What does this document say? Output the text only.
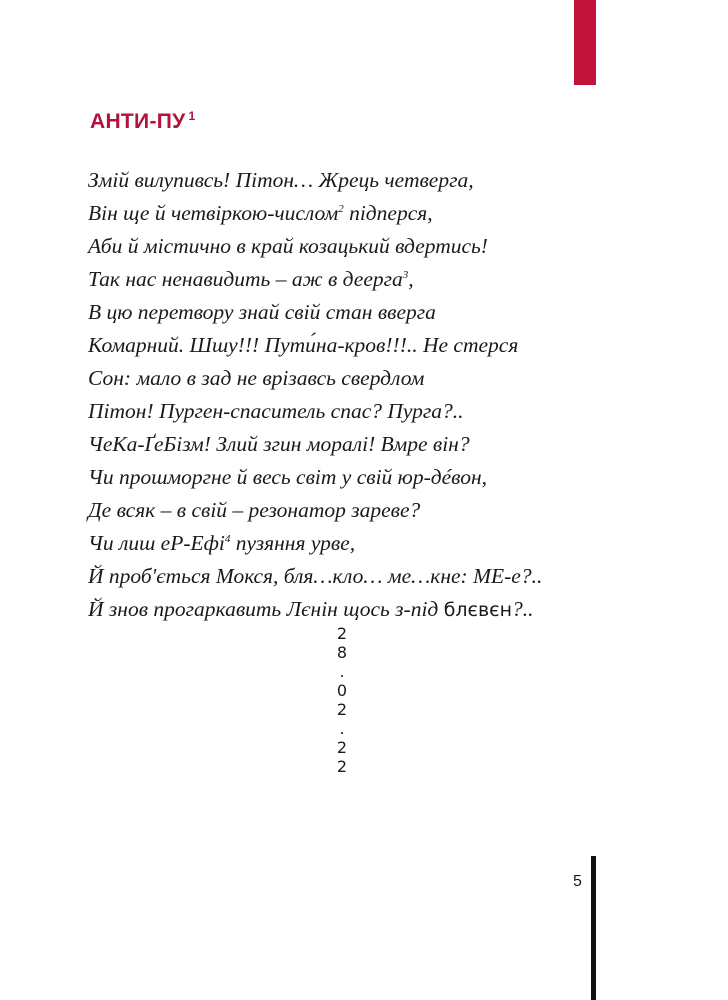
АНТИ-ПУ $^1$
Змій вилупивсь! Пітон… Жрець четверга,
Він ще й четвіркою-числом$^2$ підперся,
Аби й містично в край козацький вдертись!
Так нас ненавидить – аж в деерга$^3$,
В цю перетвору знай свій стан вверга
Комарний. Шшу!!! Пути́на-кров!!!.. Не стерся
Сон: мало в зад не врізавсь свердлом
Пітон! Пурген-спаситель спас? Пурга?..
ЧеКа-ҐеБізм! Злий згин моралі! Вмре він?
Чи прошморгне й весь світ у свій юр-дéвон,
Де всяк – в свій – резонатор зареве?
Чи лиш еР-Ефі$^4$ пузяння урве,
Й проб'ється Мокся, бля…кло… ме…кне: МЕ-е?..
Й знов прогаркавить Лєнін щось з-під блєвєн?..
2
8
.
0
2
.
2
2
5
